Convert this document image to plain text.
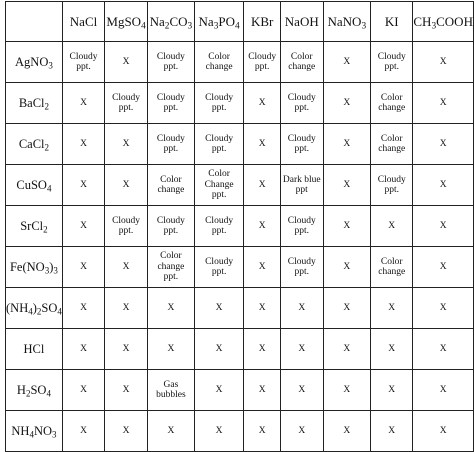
	NaCl	MgSO$_4$	$Na_2CO_3$	$Na_3PO_4$	KBr	NaOH	NaNO$_3$	KI	$CH_3COOH$
AgNO$_3$	Cloudy ppt.	X	Cloudy ppt.	Color change	Cloudy ppt.	Color change	X	Cloudy ppt.	X
BaCl$_2$	X	Cloudy ppt.	Cloudy ppt.	Cloudy ppt.	X	Cloudy ppt.	X	Color change	X
CaCl$_2$	X	X	Cloudy ppt.	Cloudy ppt.	X	Cloudy ppt.	X	Color change	X
CuSO$_4$	X	X	Color change	Color Change ppt.	X	Dark blue ppt	X	Cloudy ppt.	X
SrCl$_2$	X	Cloudy ppt.	Cloudy ppt.	Cloudy ppt.	X	Cloudy ppt.	X	X	X
$Fe(NO_3)_3$	X	X	Color change ppt.	Cloudy ppt.	X	Cloudy ppt.	X	Color change	X
$(NH_4)_2SO_4$	X	X	X	X	X	X	X	X	X
HCl	X	X	X	X	X	X	X	X	X
$H_2SO_4$	X	X	Gas bubbles	X	X	X	X	X	X
$NH_4NO_3$	X	X	X	X	X	X	X	X	X
